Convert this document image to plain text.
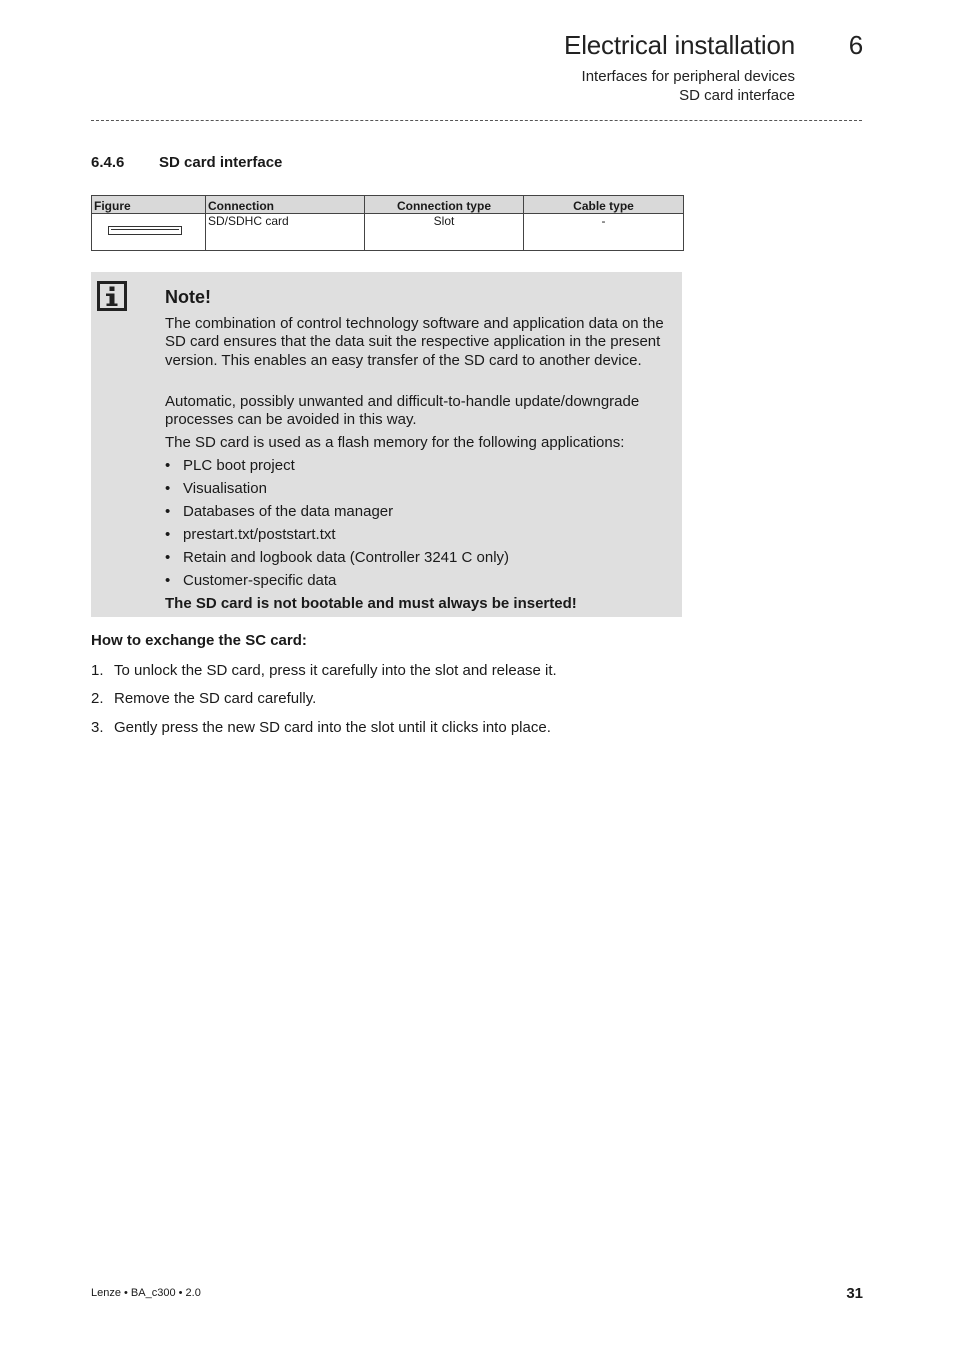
Electrical installation 6
Interfaces for peripheral devices
SD card interface
6.4.6 SD card interface
Figure	Connection	Connection type	Cable type

	SD/SDHC card	Slot	-
Note!
The combination of control technology software and application data on the SD card ensures that the data suit the respective application in the present version. This enables an easy transfer of the SD card to another device.
Automatic, possibly unwanted and difficult-to-handle update/downgrade processes can be avoided in this way.
The SD card is used as a flash memory for the following applications:
• PLC boot project
• Visualisation
• Databases of the data manager
• prestart.txt/poststart.txt
• Retain and logbook data (Controller 3241 C only)
• Customer-specific data
The SD card is not bootable and must always be inserted!
How to exchange the SC card:
1. To unlock the SD card, press it carefully into the slot and release it.
2. Remove the SD card carefully.
3. Gently press the new SD card into the slot until it clicks into place.
Lenze • BA_c300 • 2.0	31
